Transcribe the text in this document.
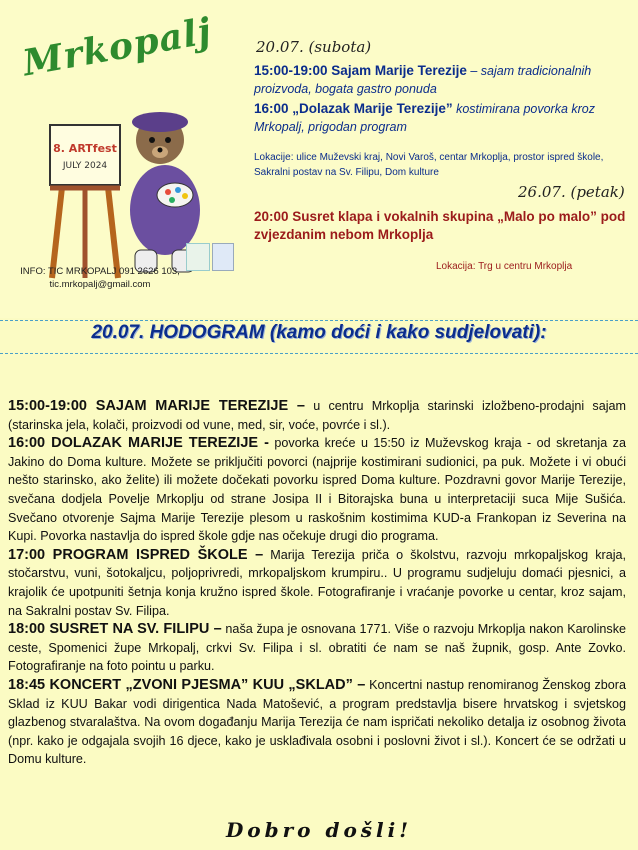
Mrkopalj
8. ARTfest
JULY 2024
INFO: TIC MRKOPALJ 091 2626 103,
tic.mrkopalj@gmail.com
20.07. (subota)
15:00-19:00 Sajam Marije Terezije – sajam tradicionalnih proizvoda, bogata gastro ponuda
16:00 „Dolazak Marije Terezije” kostimirana povorka kroz Mrkopalj, prigodan program
Lokacije: ulice Muževski kraj, Novi Varoš, centar Mrkoplja, prostor ispred škole, Sakralni postav na Sv. Filipu, Dom kulture
26.07. (petak)
20:00 Susret klapa i vokalnih skupina „Malo po malo” pod zvjezdanim nebom Mrkoplja
Lokacija: Trg u centru Mrkoplja
20.07. HODOGRAM (kamo doći i kako sudjelovati):

15:00-19:00 SAJAM MARIJE TEREZIJE – u centru Mrkoplja starinski izložbeno-prodajni sajam (starinska jela, kolači, proizvodi od vune, med, sir, voće, povrće i sl.).

16:00 DOLAZAK MARIJE TEREZIJE - povorka kreće u 15:50 iz Muževskog kraja - od skretanja za Jakino do Doma kulture. Možete se priključiti povorci (najprije kostimirani sudionici, pa puk. Možete i vi obući nešto starinsko, ako želite) ili možete dočekati povorku ispred Doma kulture. Pozdravni govor Marije Terezije, svečana dodjela Povelje Mrkoplju od strane Josipa II i Bitorajska buna u interpretaciji suca Mije Sušića. Svečano otvorenje Sajma Marije Terezije plesom u raskošnim kostimima KUD-a Frankopan iz Severina na Kupi. Povorka nastavlja do ispred škole gdje nas očekuje drugi dio programa.

17:00 PROGRAM ISPRED ŠKOLE – Marija Terezija priča o školstvu, razvoju mrkopaljskog kraja, stočarstvu, vuni, šotokaljcu, poljoprivredi, mrkopaljskom krumpiru.. U programu sudjeluju domaći pjesnici, a krajolik će upotpuniti šetnja konja kružno ispred škole. Fotografiranje i vraćanje povorke u centar, kroz sajam, na Sakralni postav Sv. Filipa.

18:00 SUSRET NA SV. FILIPU – naša župa je osnovana 1771. Više o razvoju Mrkoplja nakon Karolinske ceste, Spomenici župe Mrkopalj, crkvi Sv. Filipa i sl. obratiti će nam se naš župnik, gosp. Ante Zovko. Fotografiranje na foto pointu u parku.

18:45 KONCERT „ZVONI PJESMA” KUU „SKLAD” – Koncertni nastup renomiranog Ženskog zbora Sklad iz KUU Bakar vodi dirigentica Nada Matošević, a program predstavlja bisere hrvatskog i svjetskog glazbenog stvaralaštva. Na ovom događanju Marija Terezija će nam ispričati nekoliko detalja iz osobnog života (npr. kako je odgajala svojih 16 djece, kako je usklađivala osobni i poslovni život i sl.). Koncert će se održati u Domu kulture.

Dobro došli!
